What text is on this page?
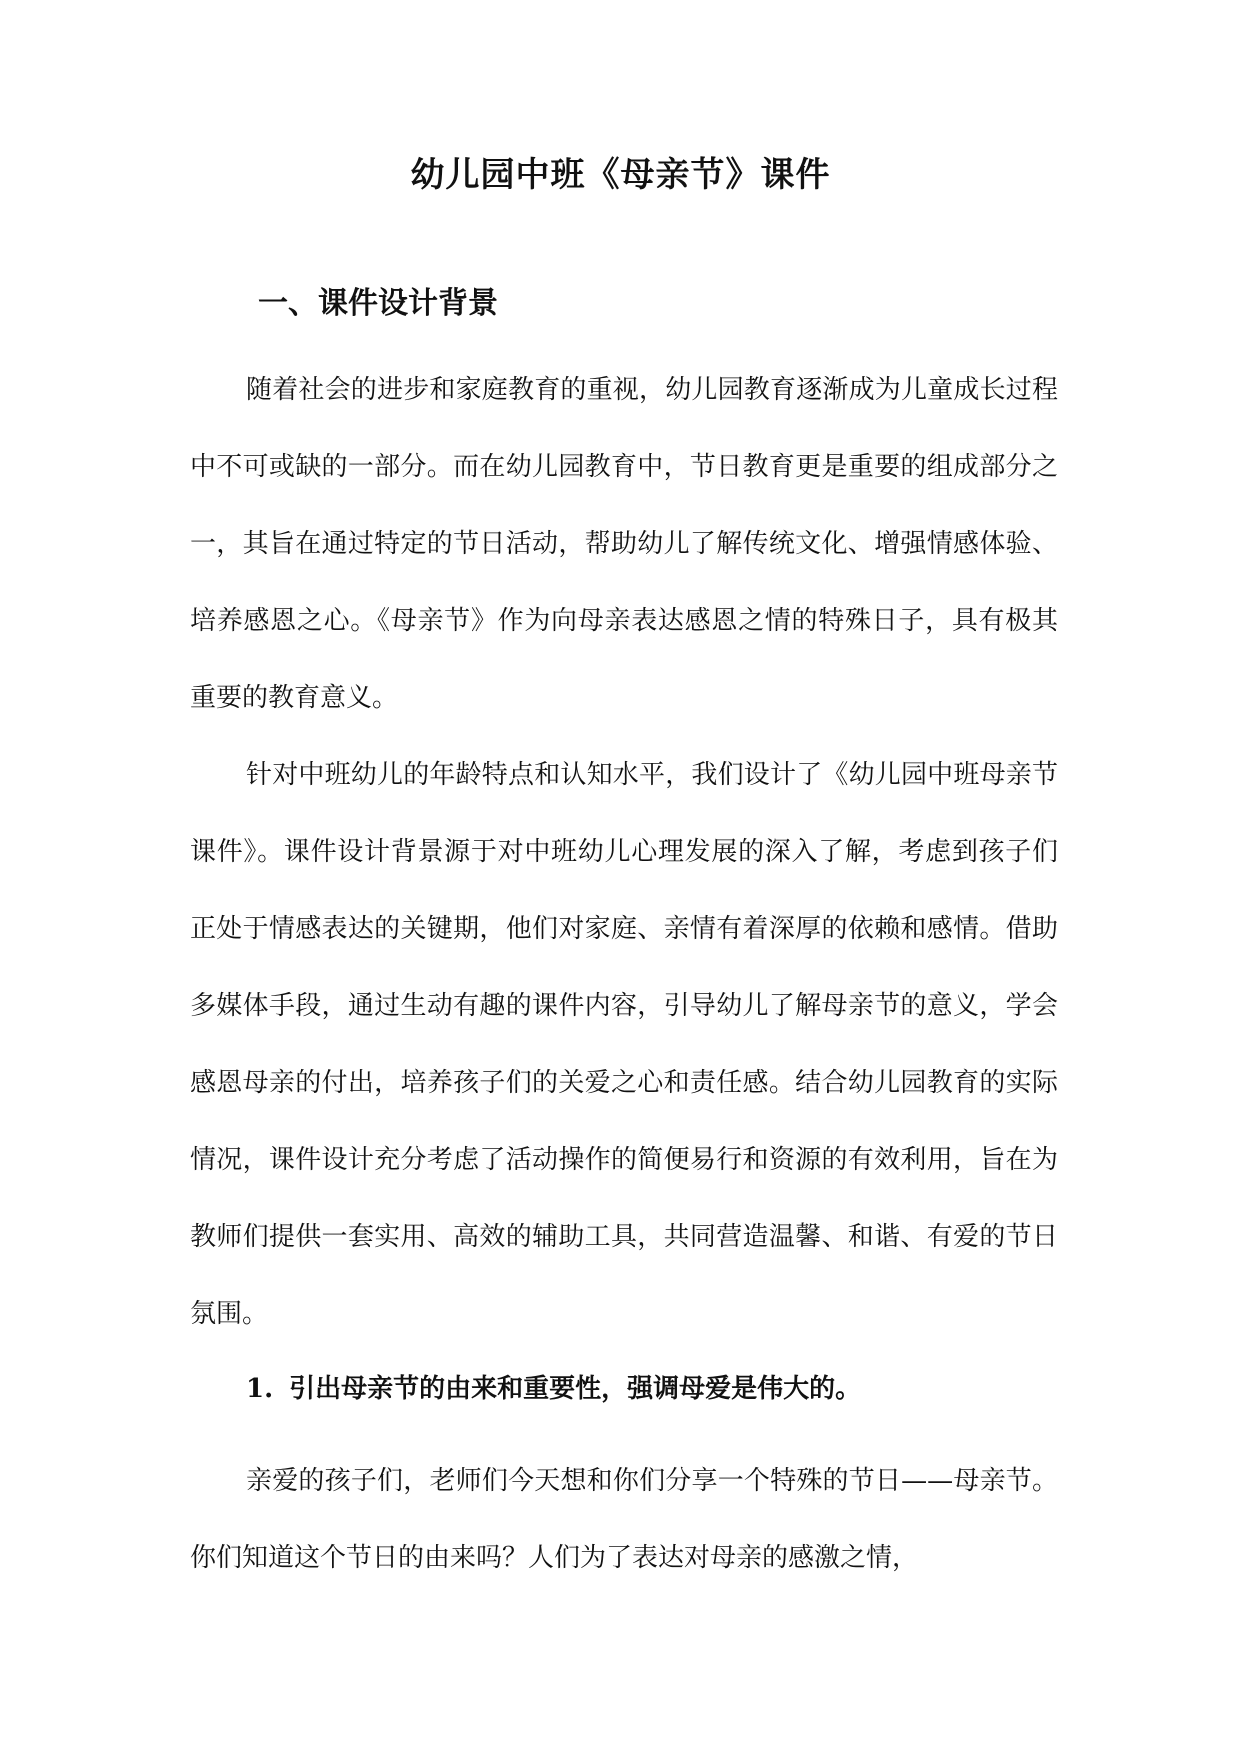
幼儿园中班《母亲节》课件
一、课件设计背景

随着社会的进步和家庭教育的重视，幼儿园教育逐渐成为儿童成长过程中不可或缺的一部分。而在幼儿园教育中，节日教育更是重要的组成部分之一，其旨在通过特定的节日活动，帮助幼儿了解传统文化、增强情感体验、培养感恩之心。《母亲节》作为向母亲表达感恩之情的特殊日子，具有极其重要的教育意义。

针对中班幼儿的年龄特点和认知水平，我们设计了《幼儿园中班母亲节课件》。课件设计背景源于对中班幼儿心理发展的深入了解，考虑到孩子们正处于情感表达的关键期，他们对家庭、亲情有着深厚的依赖和感情。借助多媒体手段，通过生动有趣的课件内容，引导幼儿了解母亲节的意义，学会感恩母亲的付出，培养孩子们的关爱之心和责任感。结合幼儿园教育的实际情况，课件设计充分考虑了活动操作的简便易行和资源的有效利用，旨在为教师们提供一套实用、高效的辅助工具，共同营造温馨、和谐、有爱的节日氛围。

1. 引出母亲节的由来和重要性，强调母爱是伟大的。

亲爱的孩子们，老师们今天想和你们分享一个特殊的节日——母亲节。你们知道这个节日的由来吗？人们为了表达对母亲的感激之情，
